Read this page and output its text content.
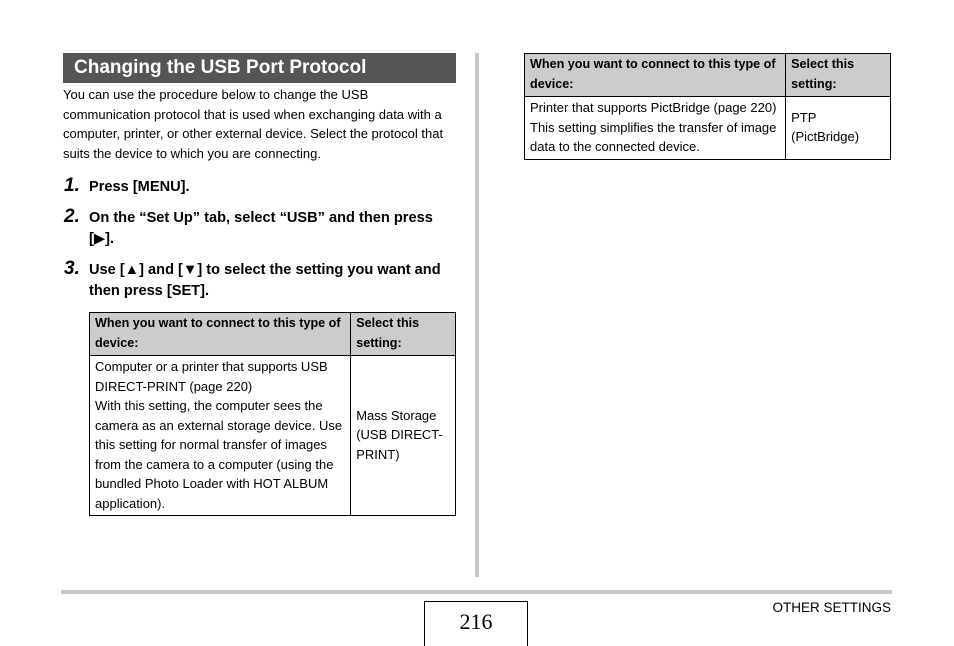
Changing the USB Port Protocol
You can use the procedure below to change the USB communication protocol that is used when exchanging data with a computer, printer, or other external device. Select the protocol that suits the device to which you are connecting.
1. Press [MENU].
2. On the “Set Up” tab, select “USB” and then press [▶].
3. Use [▲] and [▼] to select the setting you want and then press [SET].
When you want to connect to this type of device:	Select this setting:

Computer or a printer that supports USB DIRECT-PRINT (page 220)
With this setting, the computer sees the camera as an external storage device. Use this setting for normal transfer of images from the camera to a computer (using the bundled Photo Loader with HOT ALBUM application).	Mass Storage
(USB DIRECT-PRINT)
When you want to connect to this type of device:	Select this setting:

Printer that supports PictBridge (page 220)
This setting simplifies the transfer of image data to the connected device.	PTP
(PictBridge)
216
OTHER SETTINGS
